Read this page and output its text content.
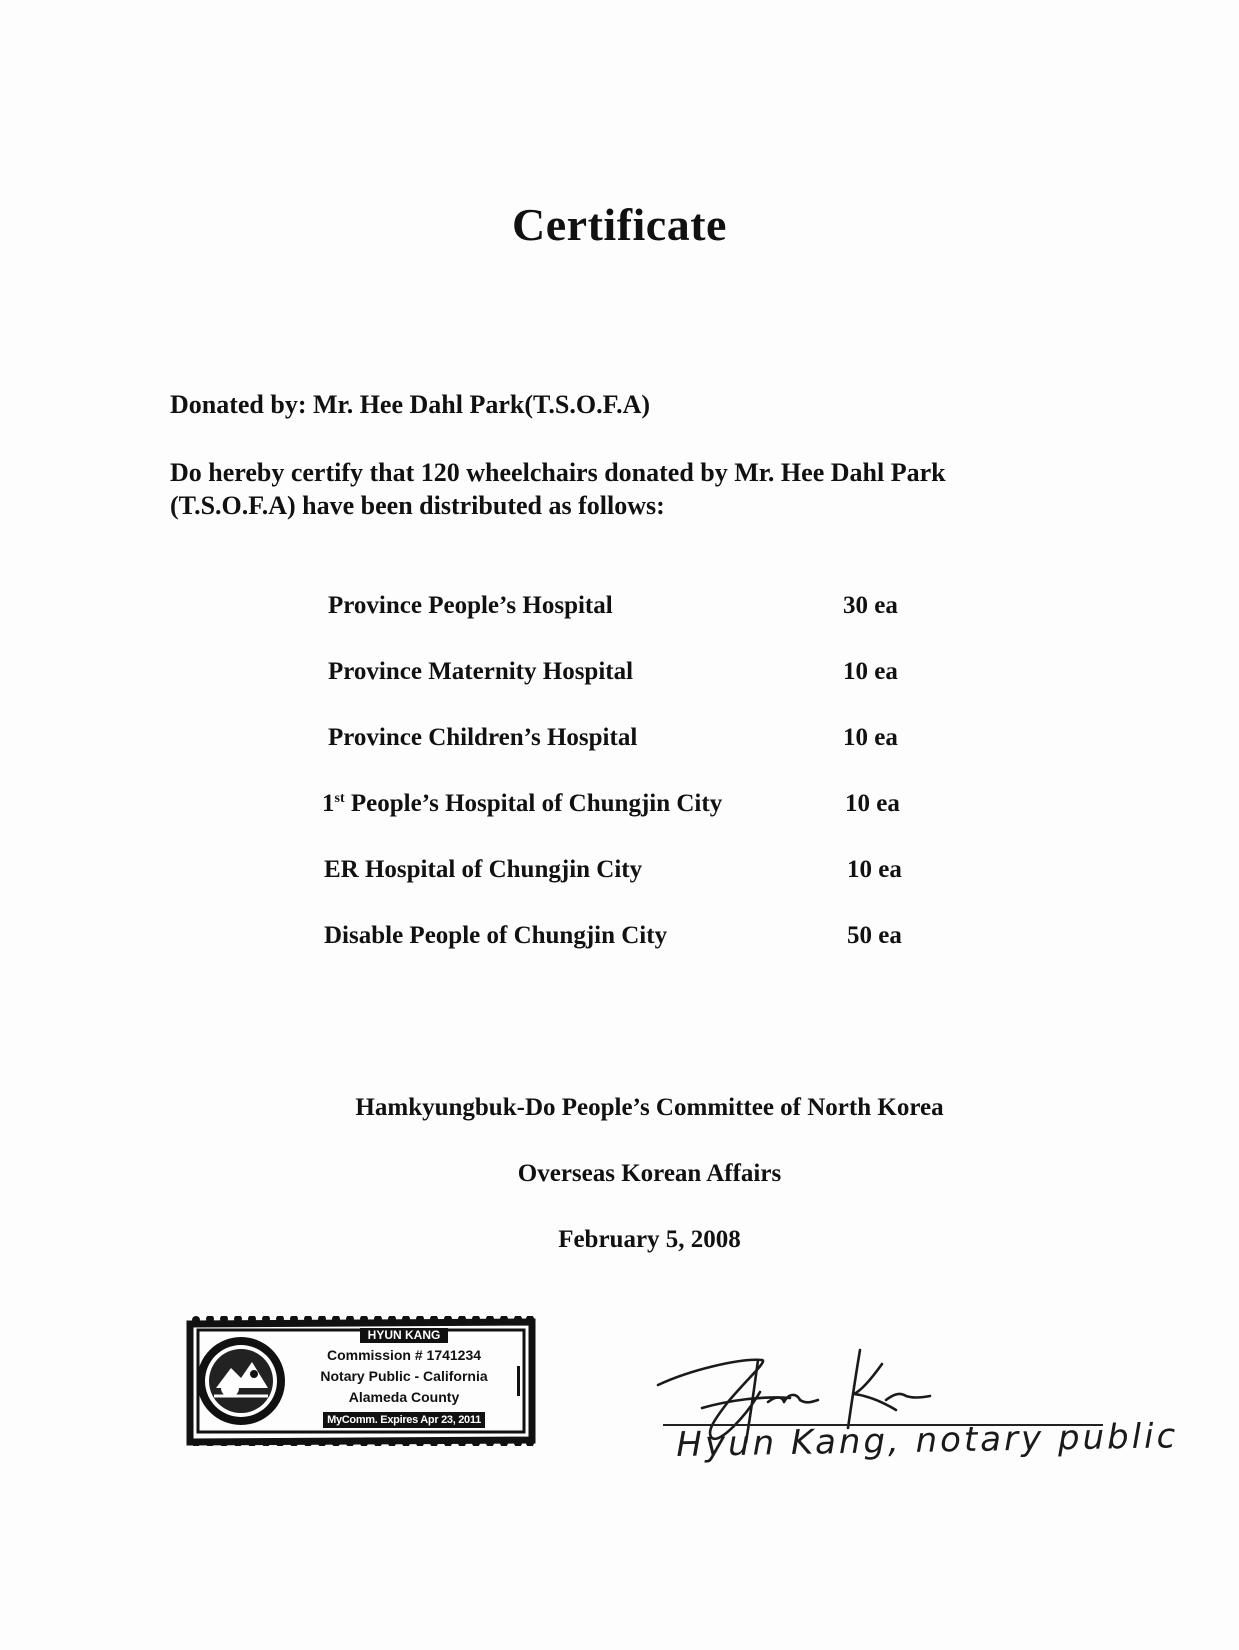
Certificate
Donated by: Mr. Hee Dahl Park(T.S.O.F.A)
Do hereby certify that 120 wheelchairs donated by Mr. Hee Dahl Park
(T.S.O.F.A) have been distributed as follows:
Province People’s Hospital	30 ea
Province Maternity Hospital	10 ea
Province Children’s Hospital	10 ea
1st People’s Hospital of Chungjin City	10 ea
ER Hospital of Chungjin City	10 ea
Disable People of Chungjin City	50 ea
Hamkyungbuk-Do People’s Committee of North Korea
Overseas Korean Affairs
February 5, 2008
HYUN KANG
Commission # 1741234
Notary Public - California
Alameda County
MyComm. Expires Apr 23, 2011	Hyun Kang, notary public
